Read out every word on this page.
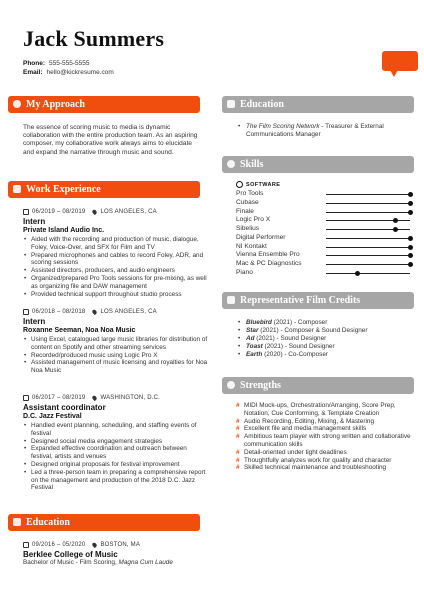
Jack Summers
Phone: 555-555-5555
Email: hello@kickresume.com
My Approach
The essence of scoring music to media is dynamic collaboration with the entire production team. As an aspiring composer, my collaborative work always aims to elucidate and expand the narrative through music and sound.
Work Experience
06/2019 – 08/2019	LOS ANGELES, CA
Intern
Private Island Audio Inc.
• Aided with the recording and production of music, dialogue, Foley, Voice-Over, and SFX for Film and TV
• Prepared microphones and cables to record Foley, ADR, and scoring sessions
• Assisted directors, producers, and audio engineers
• Organized/prepared Pro Tools sessions for pre-mixing, as well as organizing file and DAW management
• Provided technical support throughout studio process
06/2018 – 08/2018	LOS ANGELES, CA
Intern
Roxanne Seeman, Noa Noa Music
• Using Excel, catalogued large music libraries for distribution of content on Spotify and other streaming services
• Recorded/produced music using Logic Pro X
• Assisted management of music licensing and royalties for Noa Noa Music
06/2017 – 08/2019	WASHINGTON, D.C.
Assistant coordinator
D.C. Jazz Festival
• Handled event planning, scheduling, and staffing events of festival
• Designed social media engagement strategies
• Expanded effective coordination and outreach between festival, artists and venues
• Designed original proposals for festival improvement
• Led a three-person team in preparing a comprehensive report on the management and production of the 2018 D.C. Jazz Festival
Education
09/2016 – 05/2020	BOSTON, MA
Berklee College of Music
Bachelor of Music - Film Scoring, Magna Cum Laude
Education
• The Film Scoring Network - Treasurer & External Communications Manager
Skills
SOFTWARE
Pro Tools
Cubase
Finale
Logic Pro X
Sibelius
Digital Performer
NI Kontakt
Vienna Ensemble Pro
Mac & PC Diagnostics
Piano
Representative Film Credits
• Bluebird (2021) - Composer
• Star (2021) - Composer & Sound Designer
• Ad (2021) - Sound Designer
• Toast (2021) - Sound Designer
• Earth (2020) - Co-Composer
Strengths
# MIDI Mock-ups, Orchestration/Arranging, Score Prep, Notation, Cue Conforming, & Template Creation
# Audio Recording, Editing, Mixing, & Mastering
# Excellent file and media management skills
# Ambitious team player with strong written and collaborative communication skills
# Detail-oriented under tight deadlines
# Thoughtfully analyzes work for quality and character
# Skilled technical maintenance and troubleshooting
